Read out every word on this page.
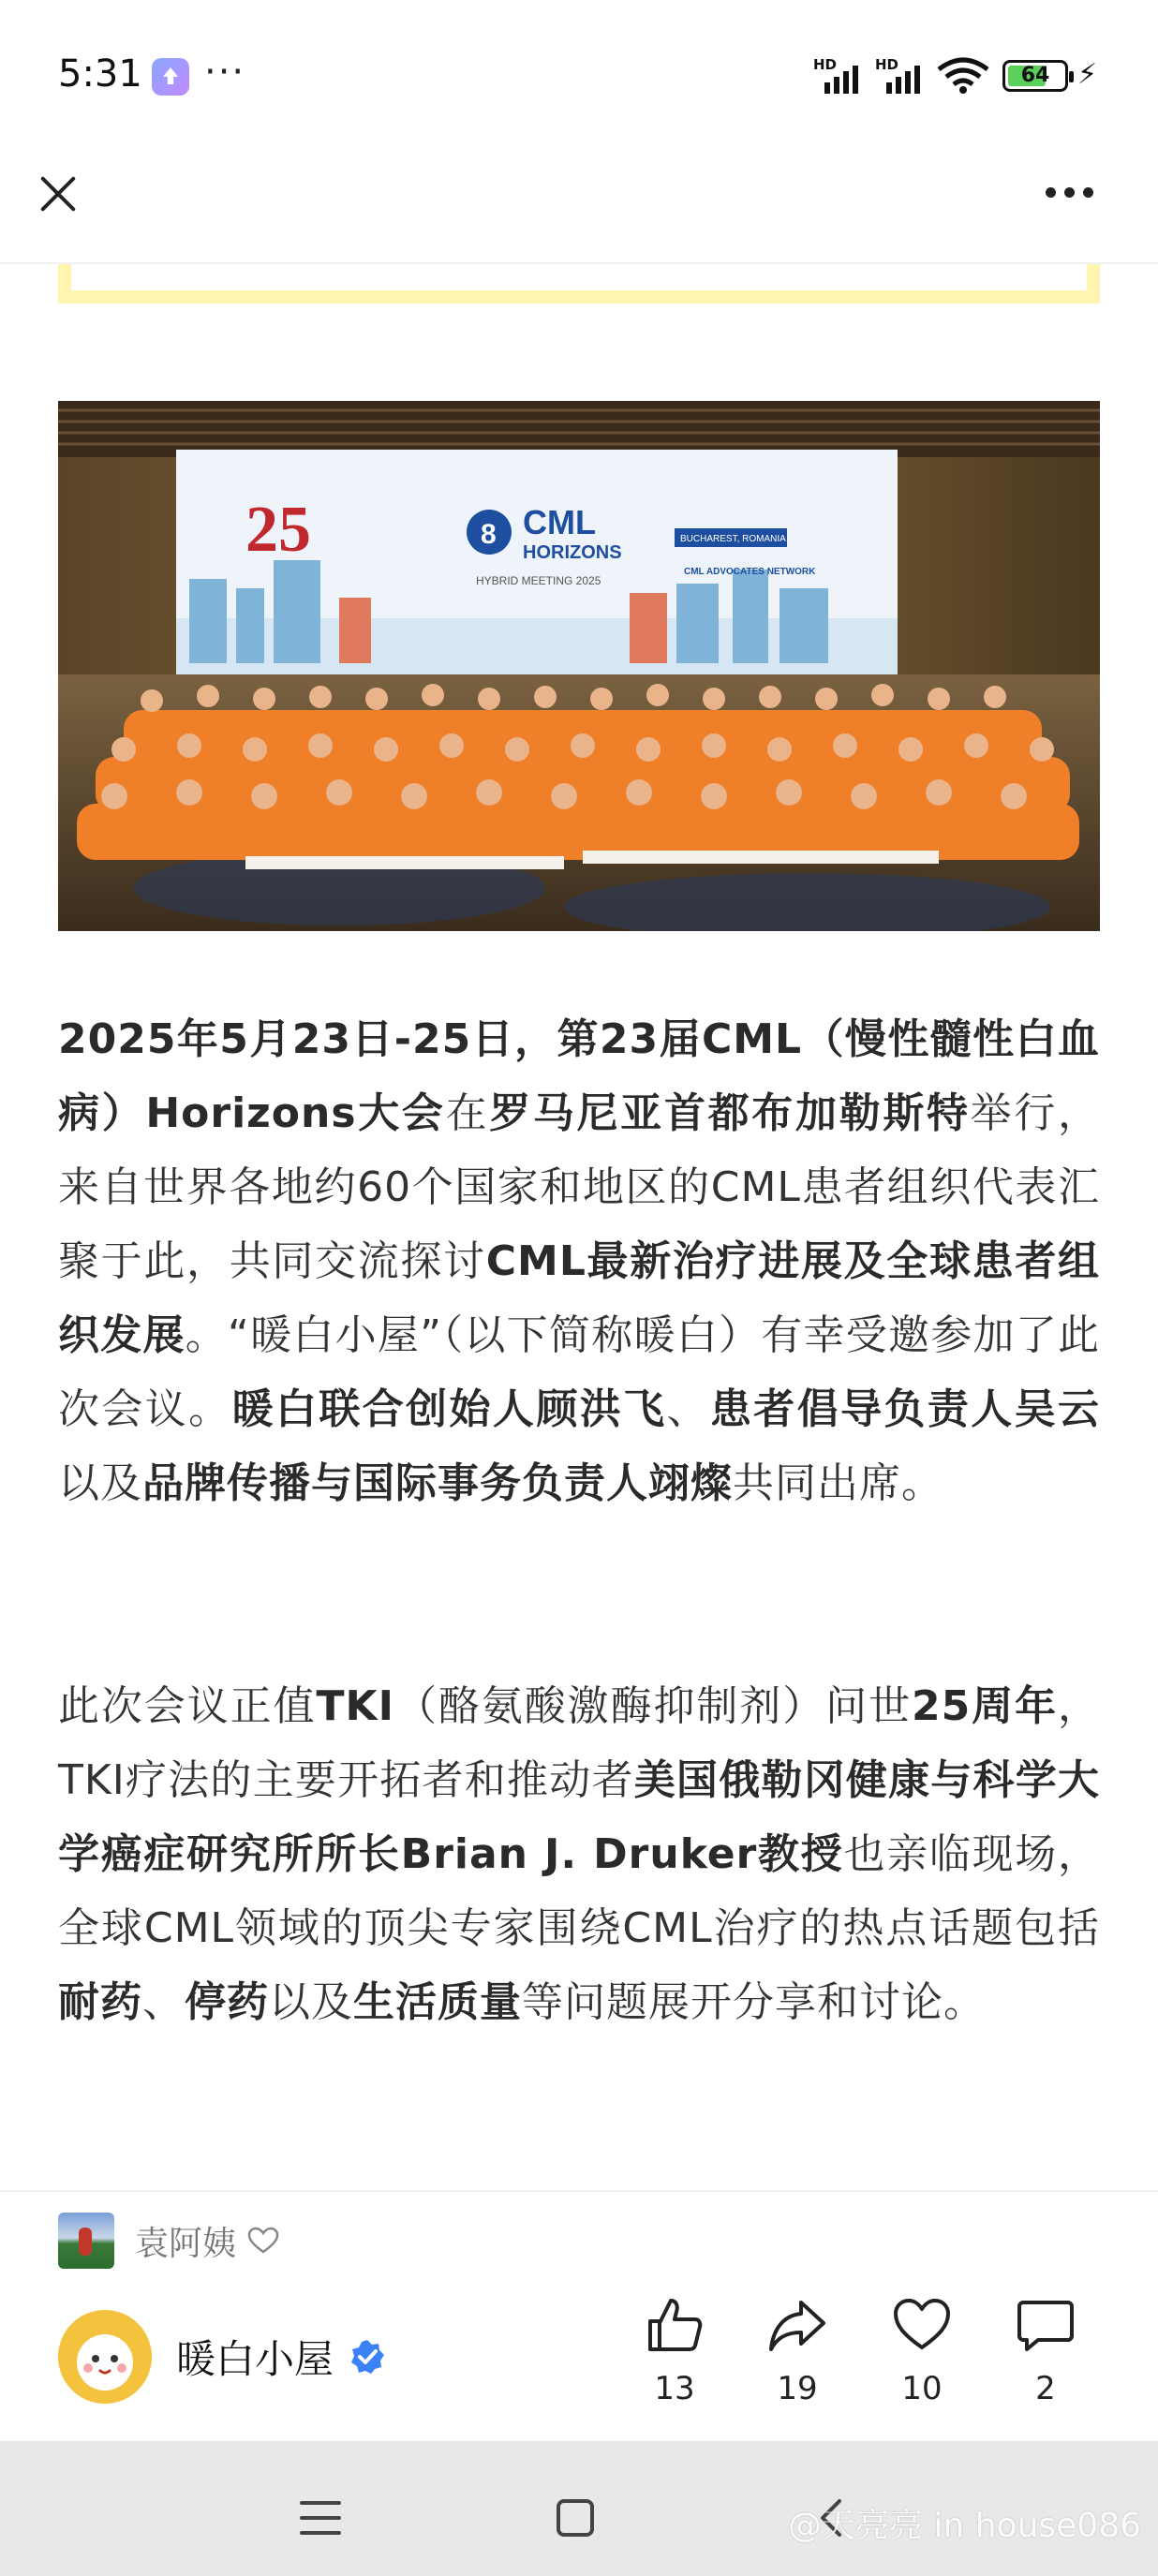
5:31 ···	HD	HD	64 ⚡
25	8 CML
HORIZONS
HYBRID MEETING 2025
BUCHAREST, ROMANIA
CML ADVOCATES NETWORK
2025年5月23日-25日，第23届CML（慢性髓性白血病）Horizons大会在罗马尼亚首都布加勒斯特举行，来自世界各地约60个国家和地区的CML患者组织代表汇聚于此，共同交流探讨CML最新治疗进展及全球患者组织发展。“暖白小屋”（以下简称暖白）有幸受邀参加了此次会议。暖白联合创始人顾洪飞、患者倡导负责人吴云以及品牌传播与国际事务负责人翊燦共同出席。
此次会议正值TKI（酪氨酸激酶抑制剂）问世25周年，TKI疗法的主要开拓者和推动者美国俄勒冈健康与科学大学癌症研究所所长Brian J. Druker教授也亲临现场，全球CML领域的顶尖专家围绕CML治疗的热点话题包括耐药、停药以及生活质量等问题展开分享和讨论。
袁阿姨
暖白小屋
13	19	10	2
@天亮亮 in house086
